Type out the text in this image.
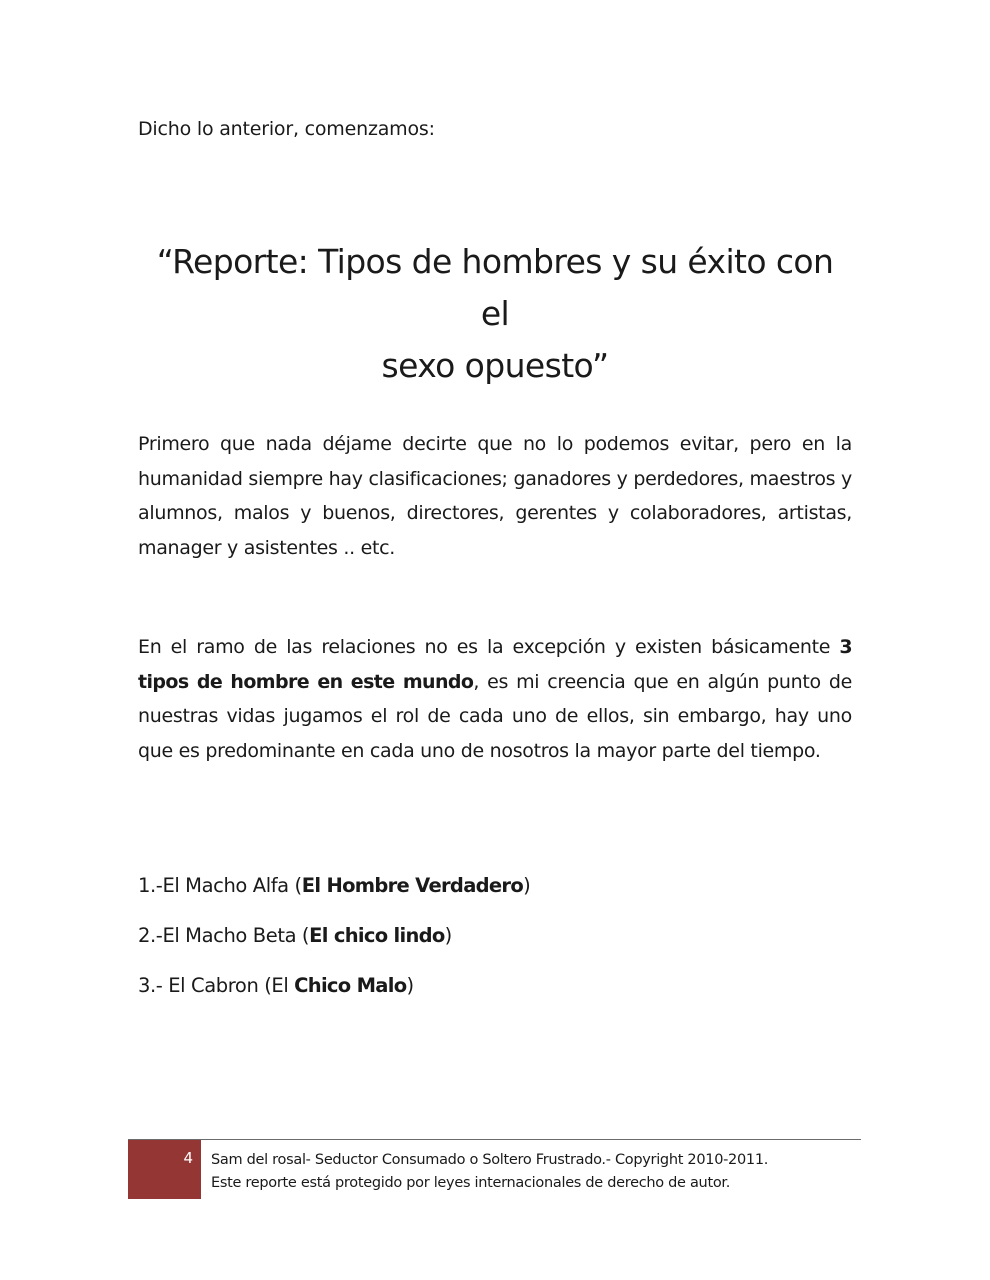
Dicho lo anterior, comenzamos:

“Reporte: Tipos de hombres y su éxito con el
sexo opuesto”

Primero que nada déjame decirte que no lo podemos evitar, pero en la humanidad siempre hay clasificaciones; ganadores y perdedores, maestros y alumnos, malos y buenos, directores, gerentes y colaboradores, artistas, manager y asistentes .. etc.

En el ramo de las relaciones no es la excepción y existen básicamente 3 tipos de hombre en este mundo, es mi creencia que en algún punto de nuestras vidas jugamos el rol de cada uno de ellos, sin embargo, hay uno que es predominante en cada uno de nosotros la mayor parte del tiempo.

1.-El Macho Alfa (El Hombre Verdadero)
2.-El Macho Beta (El chico lindo)
3.- El Cabron (El Chico Malo)
4 Sam del rosal- Seductor Consumado o Soltero Frustrado.- Copyright 2010-2011.
Este reporte está protegido por leyes internacionales de derecho de autor.
